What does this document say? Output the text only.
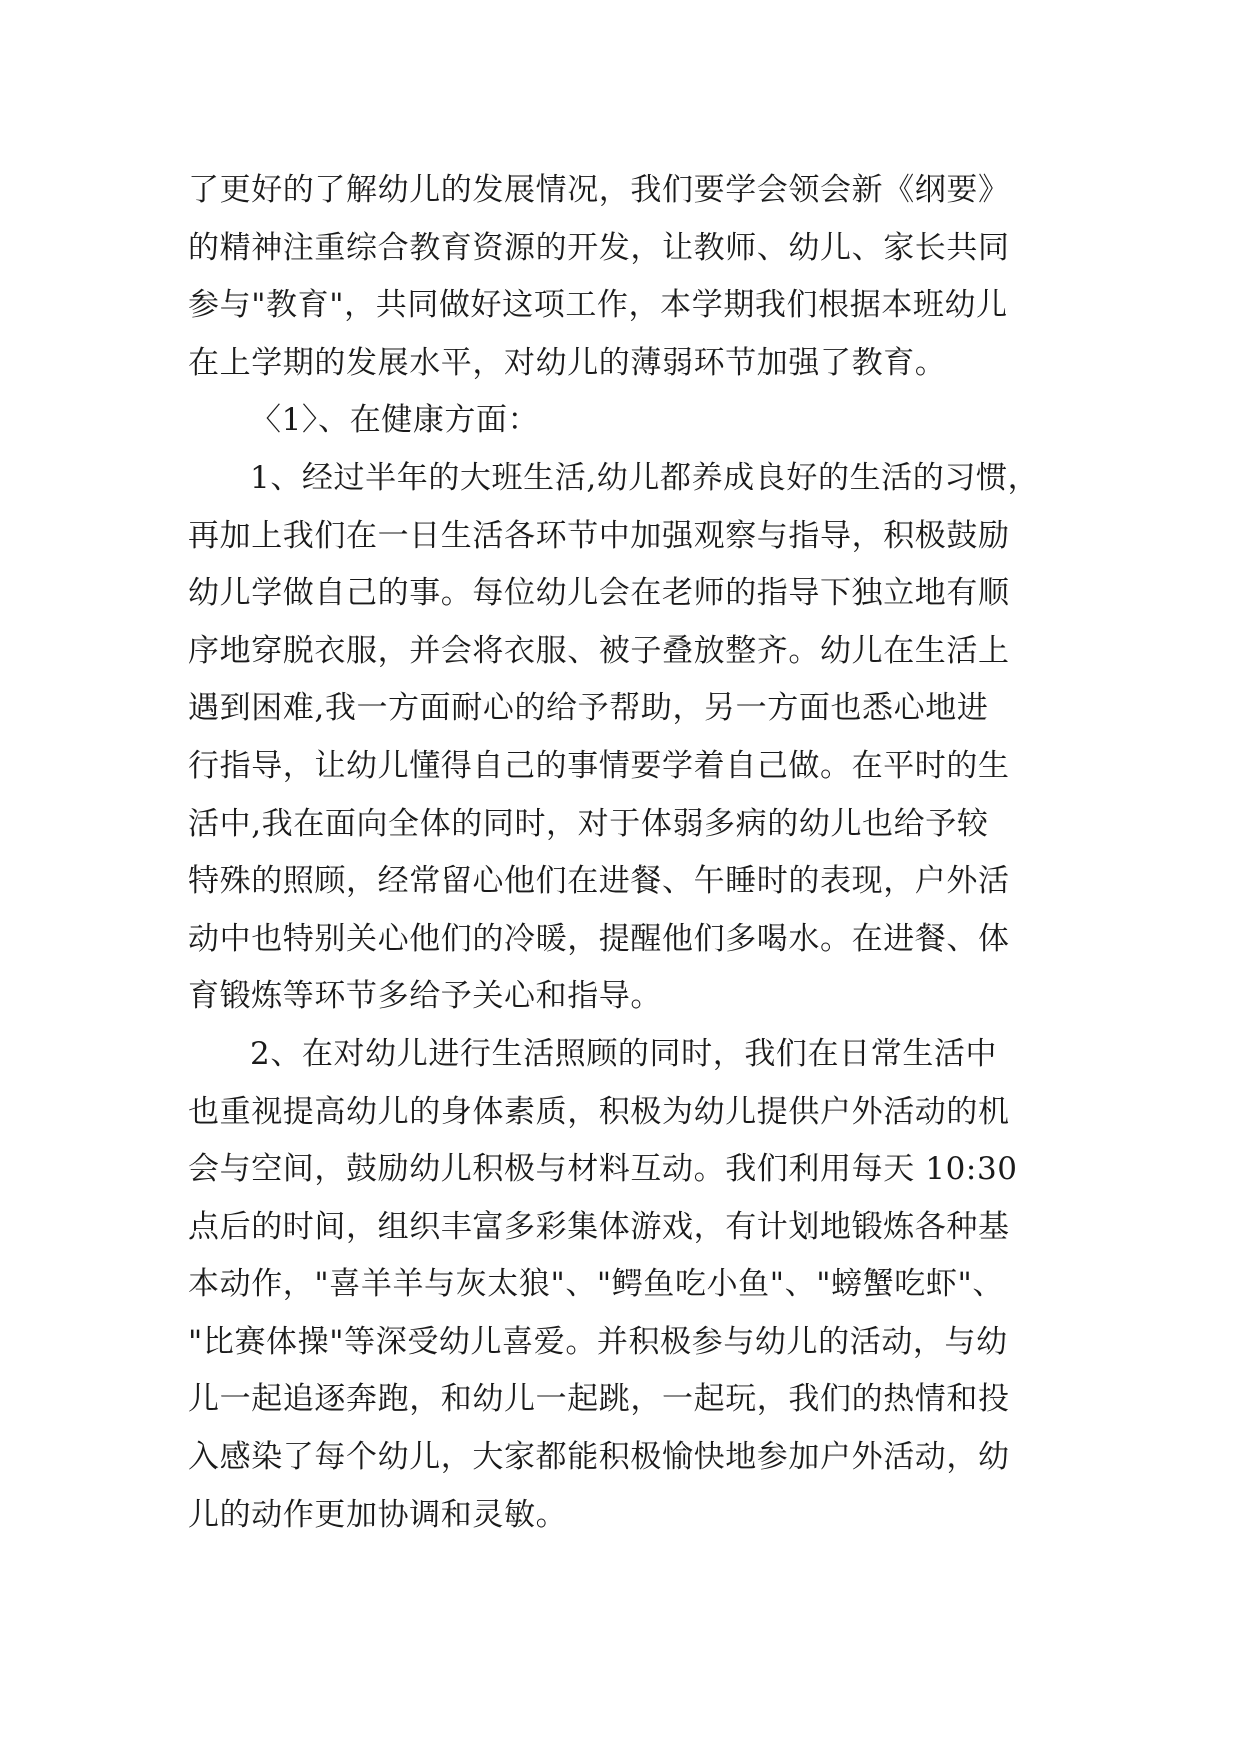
了更好的了解幼儿的发展情况，我们要学会领会新《纲要》
的精神注重综合教育资源的开发，让教师、幼儿、家长共同
参与"教育"，共同做好这项工作，本学期我们根据本班幼儿
在上学期的发展水平，对幼儿的薄弱环节加强了教育。
〈1〉、在健康方面：
1、经过半年的大班生活,幼儿都养成良好的生活的习惯，
再加上我们在一日生活各环节中加强观察与指导，积极鼓励
幼儿学做自己的事。每位幼儿会在老师的指导下独立地有顺
序地穿脱衣服，并会将衣服、被子叠放整齐。幼儿在生活上
遇到困难,我一方面耐心的给予帮助，另一方面也悉心地进
行指导，让幼儿懂得自己的事情要学着自己做。在平时的生
活中,我在面向全体的同时，对于体弱多病的幼儿也给予较
特殊的照顾，经常留心他们在进餐、午睡时的表现，户外活
动中也特别关心他们的冷暖，提醒他们多喝水。在进餐、体
育锻炼等环节多给予关心和指导。
2、在对幼儿进行生活照顾的同时，我们在日常生活中
也重视提高幼儿的身体素质，积极为幼儿提供户外活动的机
会与空间，鼓励幼儿积极与材料互动。我们利用每天 10:30
点后的时间，组织丰富多彩集体游戏，有计划地锻炼各种基
本动作，"喜羊羊与灰太狼"、"鳄鱼吃小鱼"、"螃蟹吃虾"、
"比赛体操"等深受幼儿喜爱。并积极参与幼儿的活动，与幼
儿一起追逐奔跑，和幼儿一起跳，一起玩，我们的热情和投
入感染了每个幼儿，大家都能积极愉快地参加户外活动，幼
儿的动作更加协调和灵敏。
